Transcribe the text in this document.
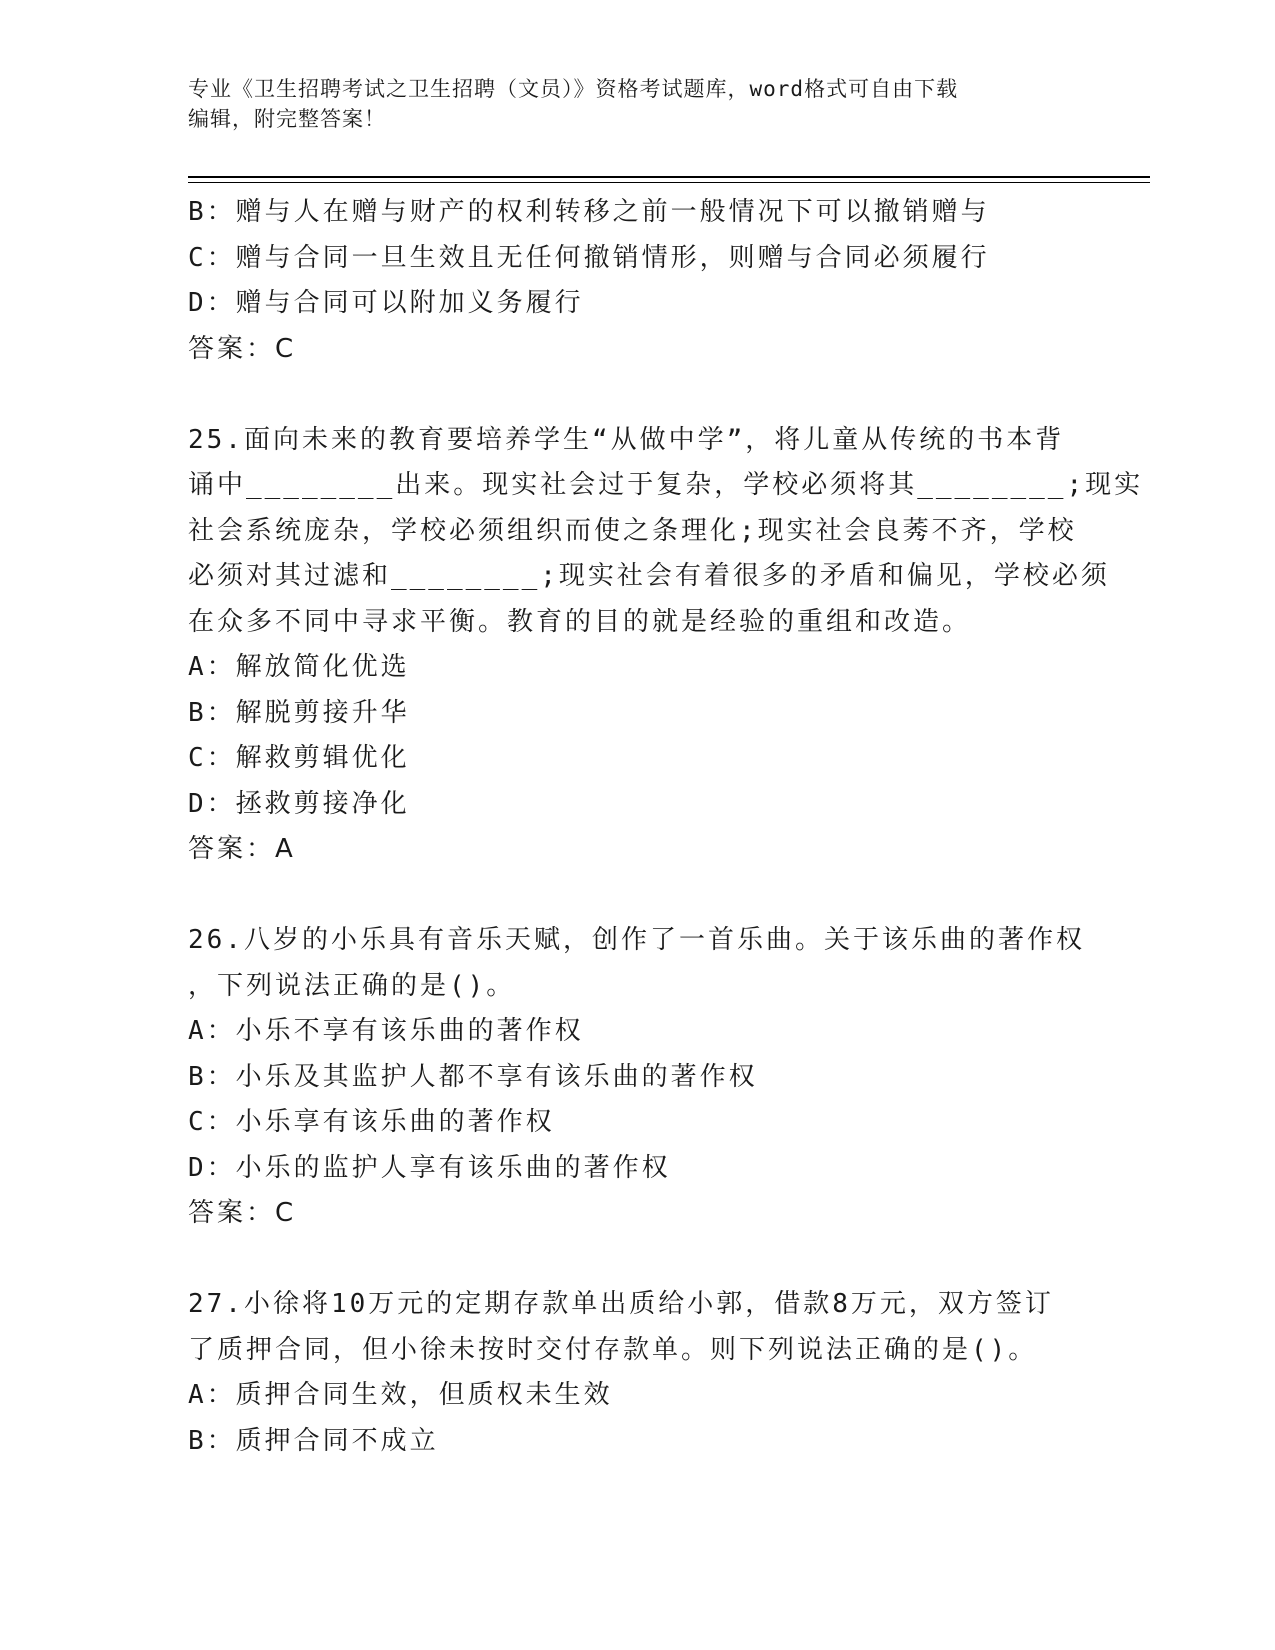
专业《卫生招聘考试之卫生招聘（文员）》资格考试题库，word格式可自由下载
编辑，附完整答案！
B：赠与人在赠与财产的权利转移之前一般情况下可以撤销赠与
C：赠与合同一旦生效且无任何撤销情形，则赠与合同必须履行
D：赠与合同可以附加义务履行
答案：C
25.面向未来的教育要培养学生“从做中学”，将儿童从传统的书本背
诵中________出来。现实社会过于复杂，学校必须将其________;现实
社会系统庞杂，学校必须组织而使之条理化;现实社会良莠不齐，学校
必须对其过滤和________;现实社会有着很多的矛盾和偏见，学校必须
在众多不同中寻求平衡。教育的目的就是经验的重组和改造。
A：解放简化优选
B：解脱剪接升华
C：解救剪辑优化
D：拯救剪接净化
答案：A
26.八岁的小乐具有音乐天赋，创作了一首乐曲。关于该乐曲的著作权
，下列说法正确的是()。
A：小乐不享有该乐曲的著作权
B：小乐及其监护人都不享有该乐曲的著作权
C：小乐享有该乐曲的著作权
D：小乐的监护人享有该乐曲的著作权
答案：C
27.小徐将10万元的定期存款单出质给小郭，借款8万元，双方签订
了质押合同，但小徐未按时交付存款单。则下列说法正确的是()。
A：质押合同生效，但质权未生效
B：质押合同不成立
